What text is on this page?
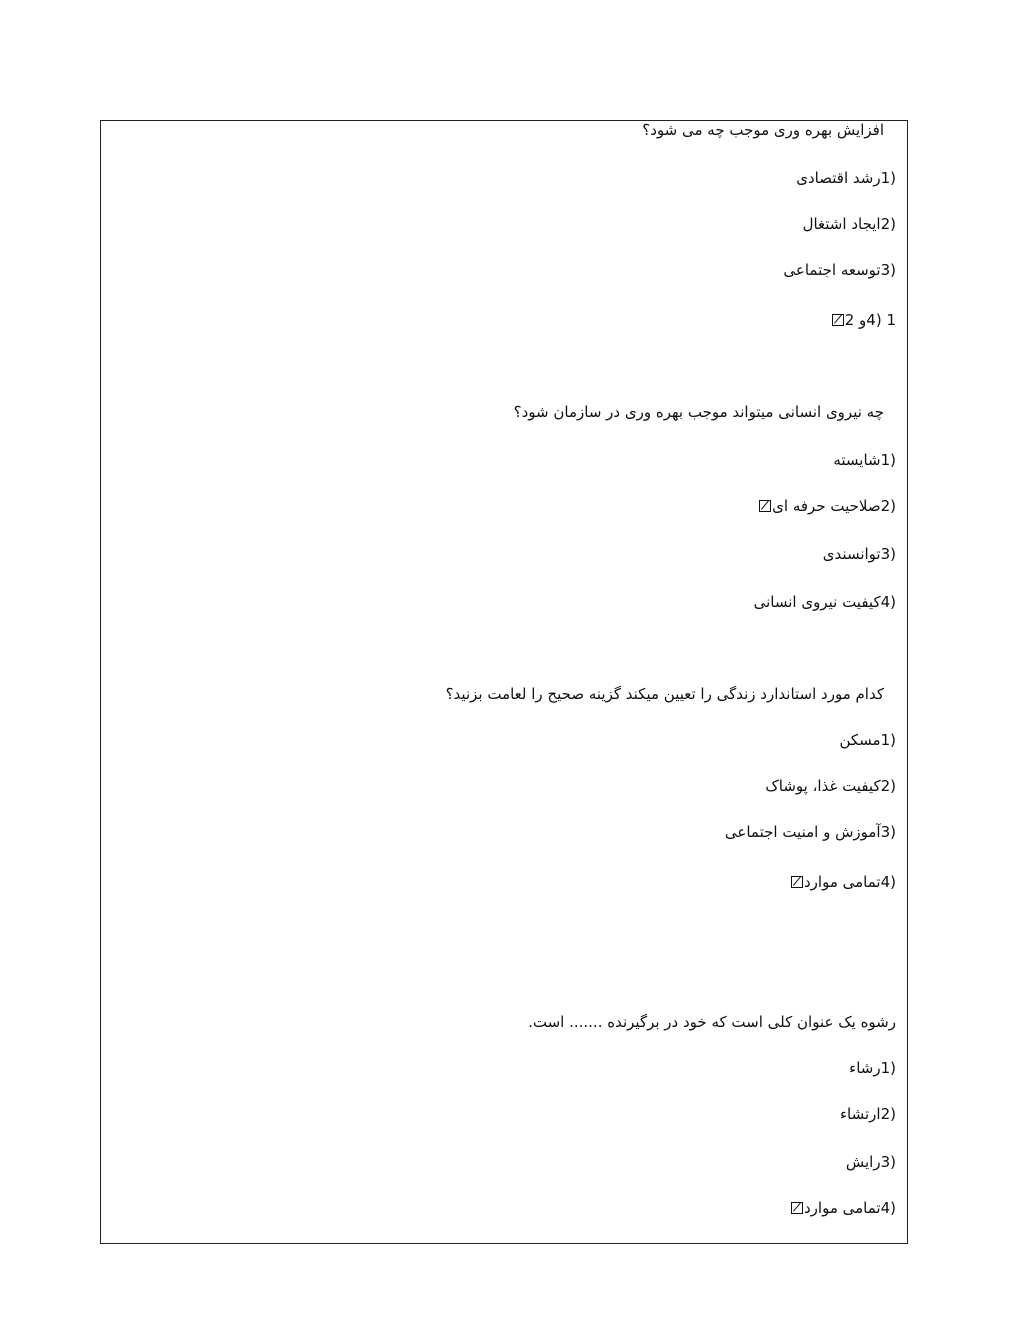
افزایش بهره وری موجب چه می شود؟
(1رشد اقتصادی
(2ایجاد اشتغال
(3توسعه اجتماعی
1 (4و 2
چه نیروی انسانی میتواند موجب بهره وری در سازمان شود؟
(1شایسته
(2صلاحیت حرفه ای
(3توانسندی
(4کیفیت نیروی انسانی
کدام مورد استاندارد زندگی را تعیین میکند گزینه صحیح را لعامت بزنید؟
(1مسکن
(2کیفیت غذا، پوشاک
(3آموزش و امنیت اجتماعی
(4تمامی موارد
رشوه یک عنوان کلی است که خود در برگیرنده ....... است.
(1رشاء
(2ارتشاء
(3رایش
(4تمامی موارد
